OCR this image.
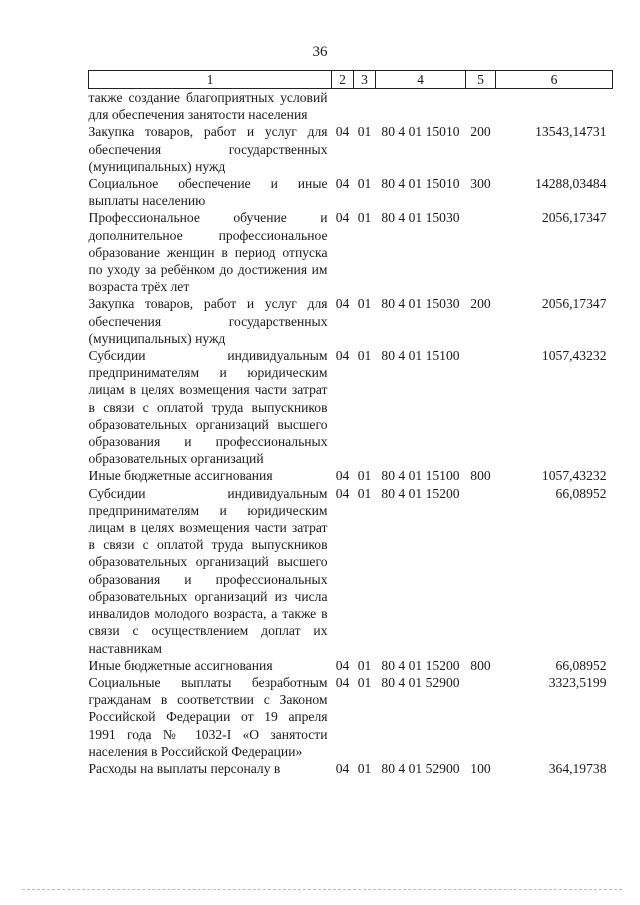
36
1	2	3	4	5	6
также создание благоприятных условий для обеспечения занятости населения					
Закупка товаров, работ и услуг для обеспечения государственных (муниципальных) нужд	04	01	80 4 01 15010	200	13543,14731
Социальное обеспечение и иные выплаты населению	04	01	80 4 01 15010	300	14288,03484
Профессиональное обучение и дополнительное профессиональное образование женщин в период отпуска по уходу за ребёнком до достижения им возраста трёх лет	04	01	80 4 01 15030		2056,17347
Закупка товаров, работ и услуг для обеспечения государственных (муниципальных) нужд	04	01	80 4 01 15030	200	2056,17347
Субсидии индивидуальным предпринимателям и юридическим лицам в целях возмещения части затрат в связи с оплатой труда выпускников образовательных организаций высшего образования и профессиональных образовательных организаций	04	01	80 4 01 15100		1057,43232
Иные бюджетные ассигнования	04	01	80 4 01 15100	800	1057,43232
Субсидии индивидуальным предпринимателям и юридическим лицам в целях возмещения части затрат в связи с оплатой труда выпускников образовательных организаций высшего образования и профессиональных образовательных организаций из числа инвалидов молодого возраста, а также в связи с осуществлением доплат их наставникам	04	01	80 4 01 15200		66,08952
Иные бюджетные ассигнования	04	01	80 4 01 15200	800	66,08952
Социальные выплаты безработным гражданам в соответствии с Законом Российской Федерации от 19 апреля 1991 года № 1032-I «О занятости населения в Российской Федерации»	04	01	80 4 01 52900		3323,5199
Расходы на выплаты персоналу в	04	01	80 4 01 52900	100	364,19738
